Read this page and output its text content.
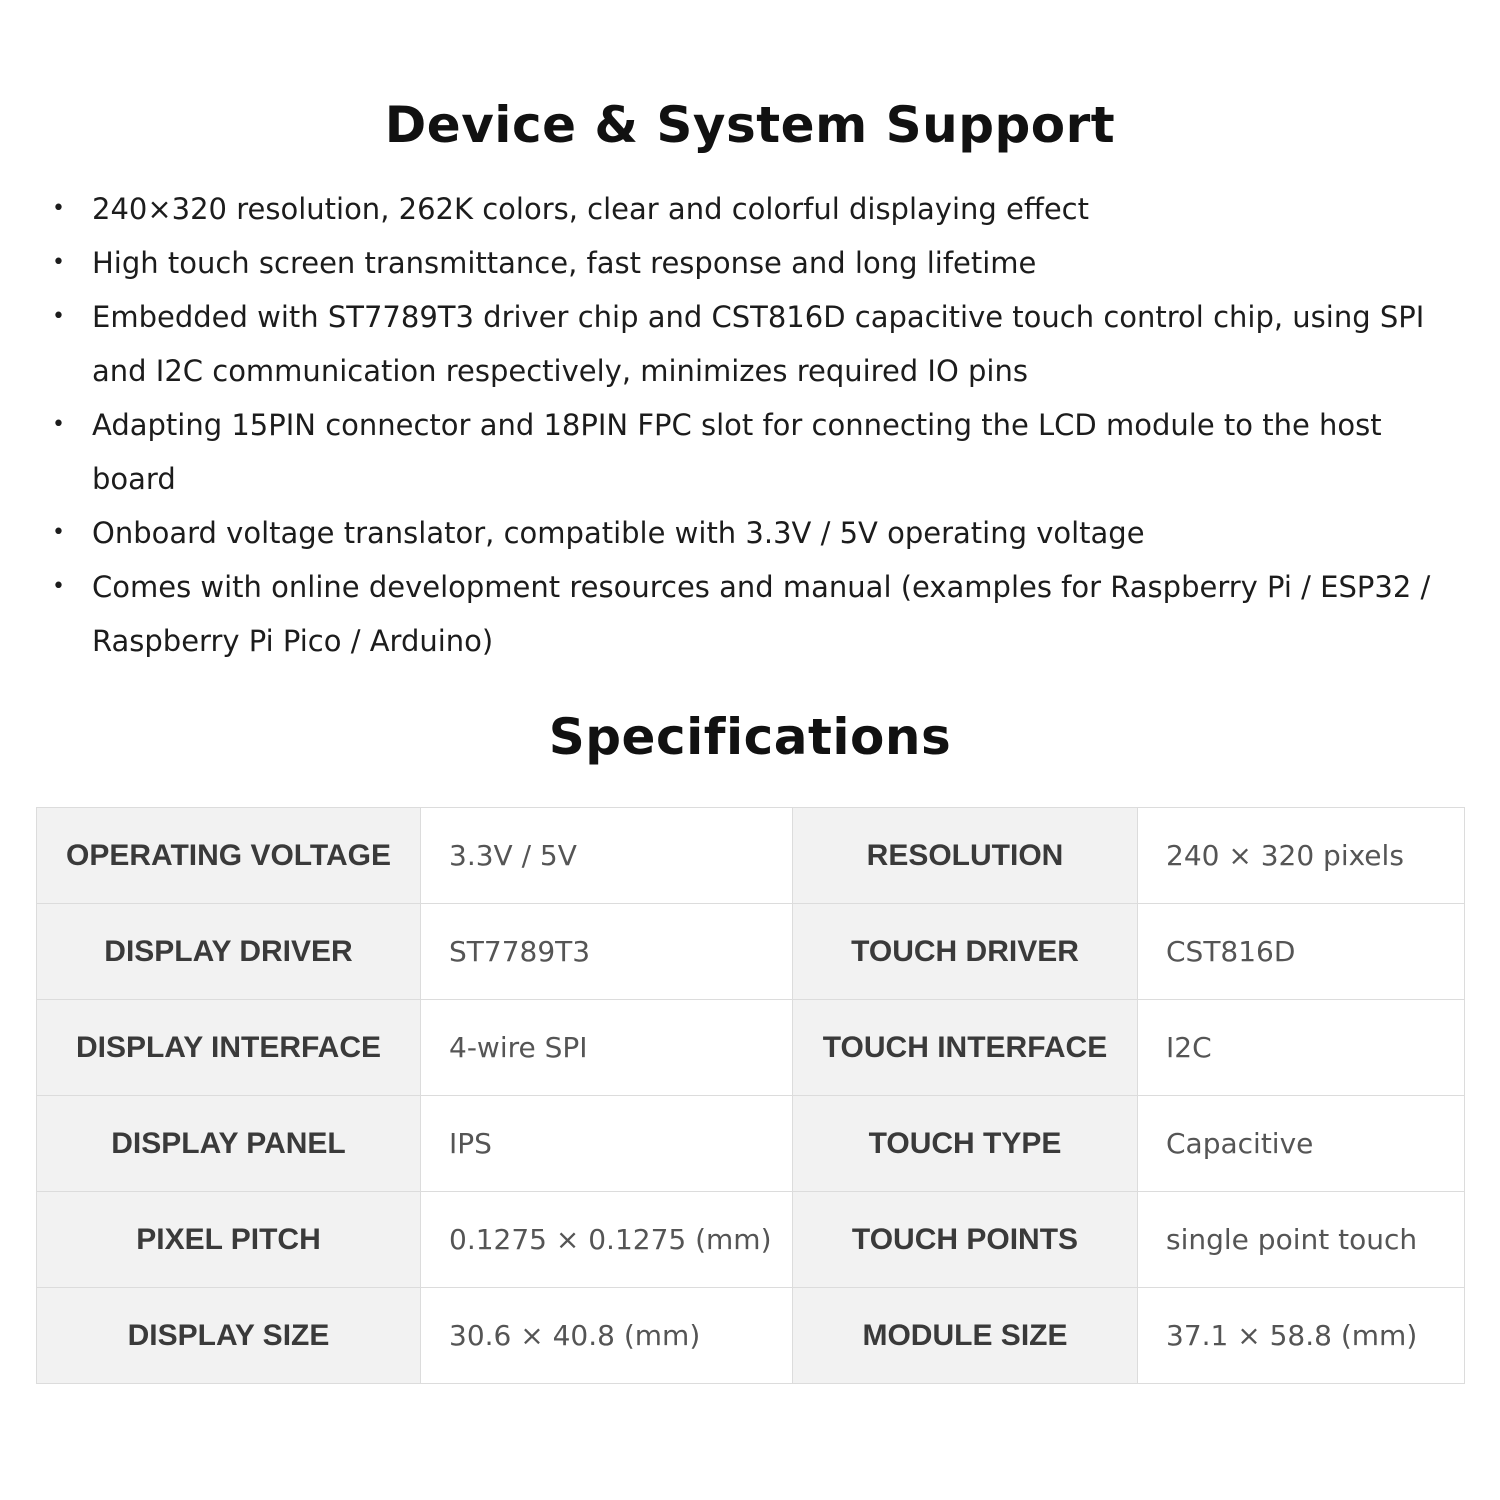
Device & System Support
• 240×320 resolution, 262K colors, clear and colorful displaying effect
• High touch screen transmittance, fast response and long lifetime
• Embedded with ST7789T3 driver chip and CST816D capacitive touch control chip, using SPI and I2C communication respectively, minimizes required IO pins
• Adapting 15PIN connector and 18PIN FPC slot for connecting the LCD module to the host board
• Onboard voltage translator, compatible with 3.3V / 5V operating voltage
• Comes with online development resources and manual (examples for Raspberry Pi / ESP32 / Raspberry Pi Pico / Arduino)
Specifications
OPERATING VOLTAGE	3.3V / 5V	RESOLUTION	240 × 320 pixels
DISPLAY DRIVER	ST7789T3	TOUCH DRIVER	CST816D
DISPLAY INTERFACE	4-wire SPI	TOUCH INTERFACE	I2C
DISPLAY PANEL	IPS	TOUCH TYPE	Capacitive
PIXEL PITCH	0.1275 × 0.1275 (mm)	TOUCH POINTS	single point touch
DISPLAY SIZE	30.6 × 40.8 (mm)	MODULE SIZE	37.1 × 58.8 (mm)
